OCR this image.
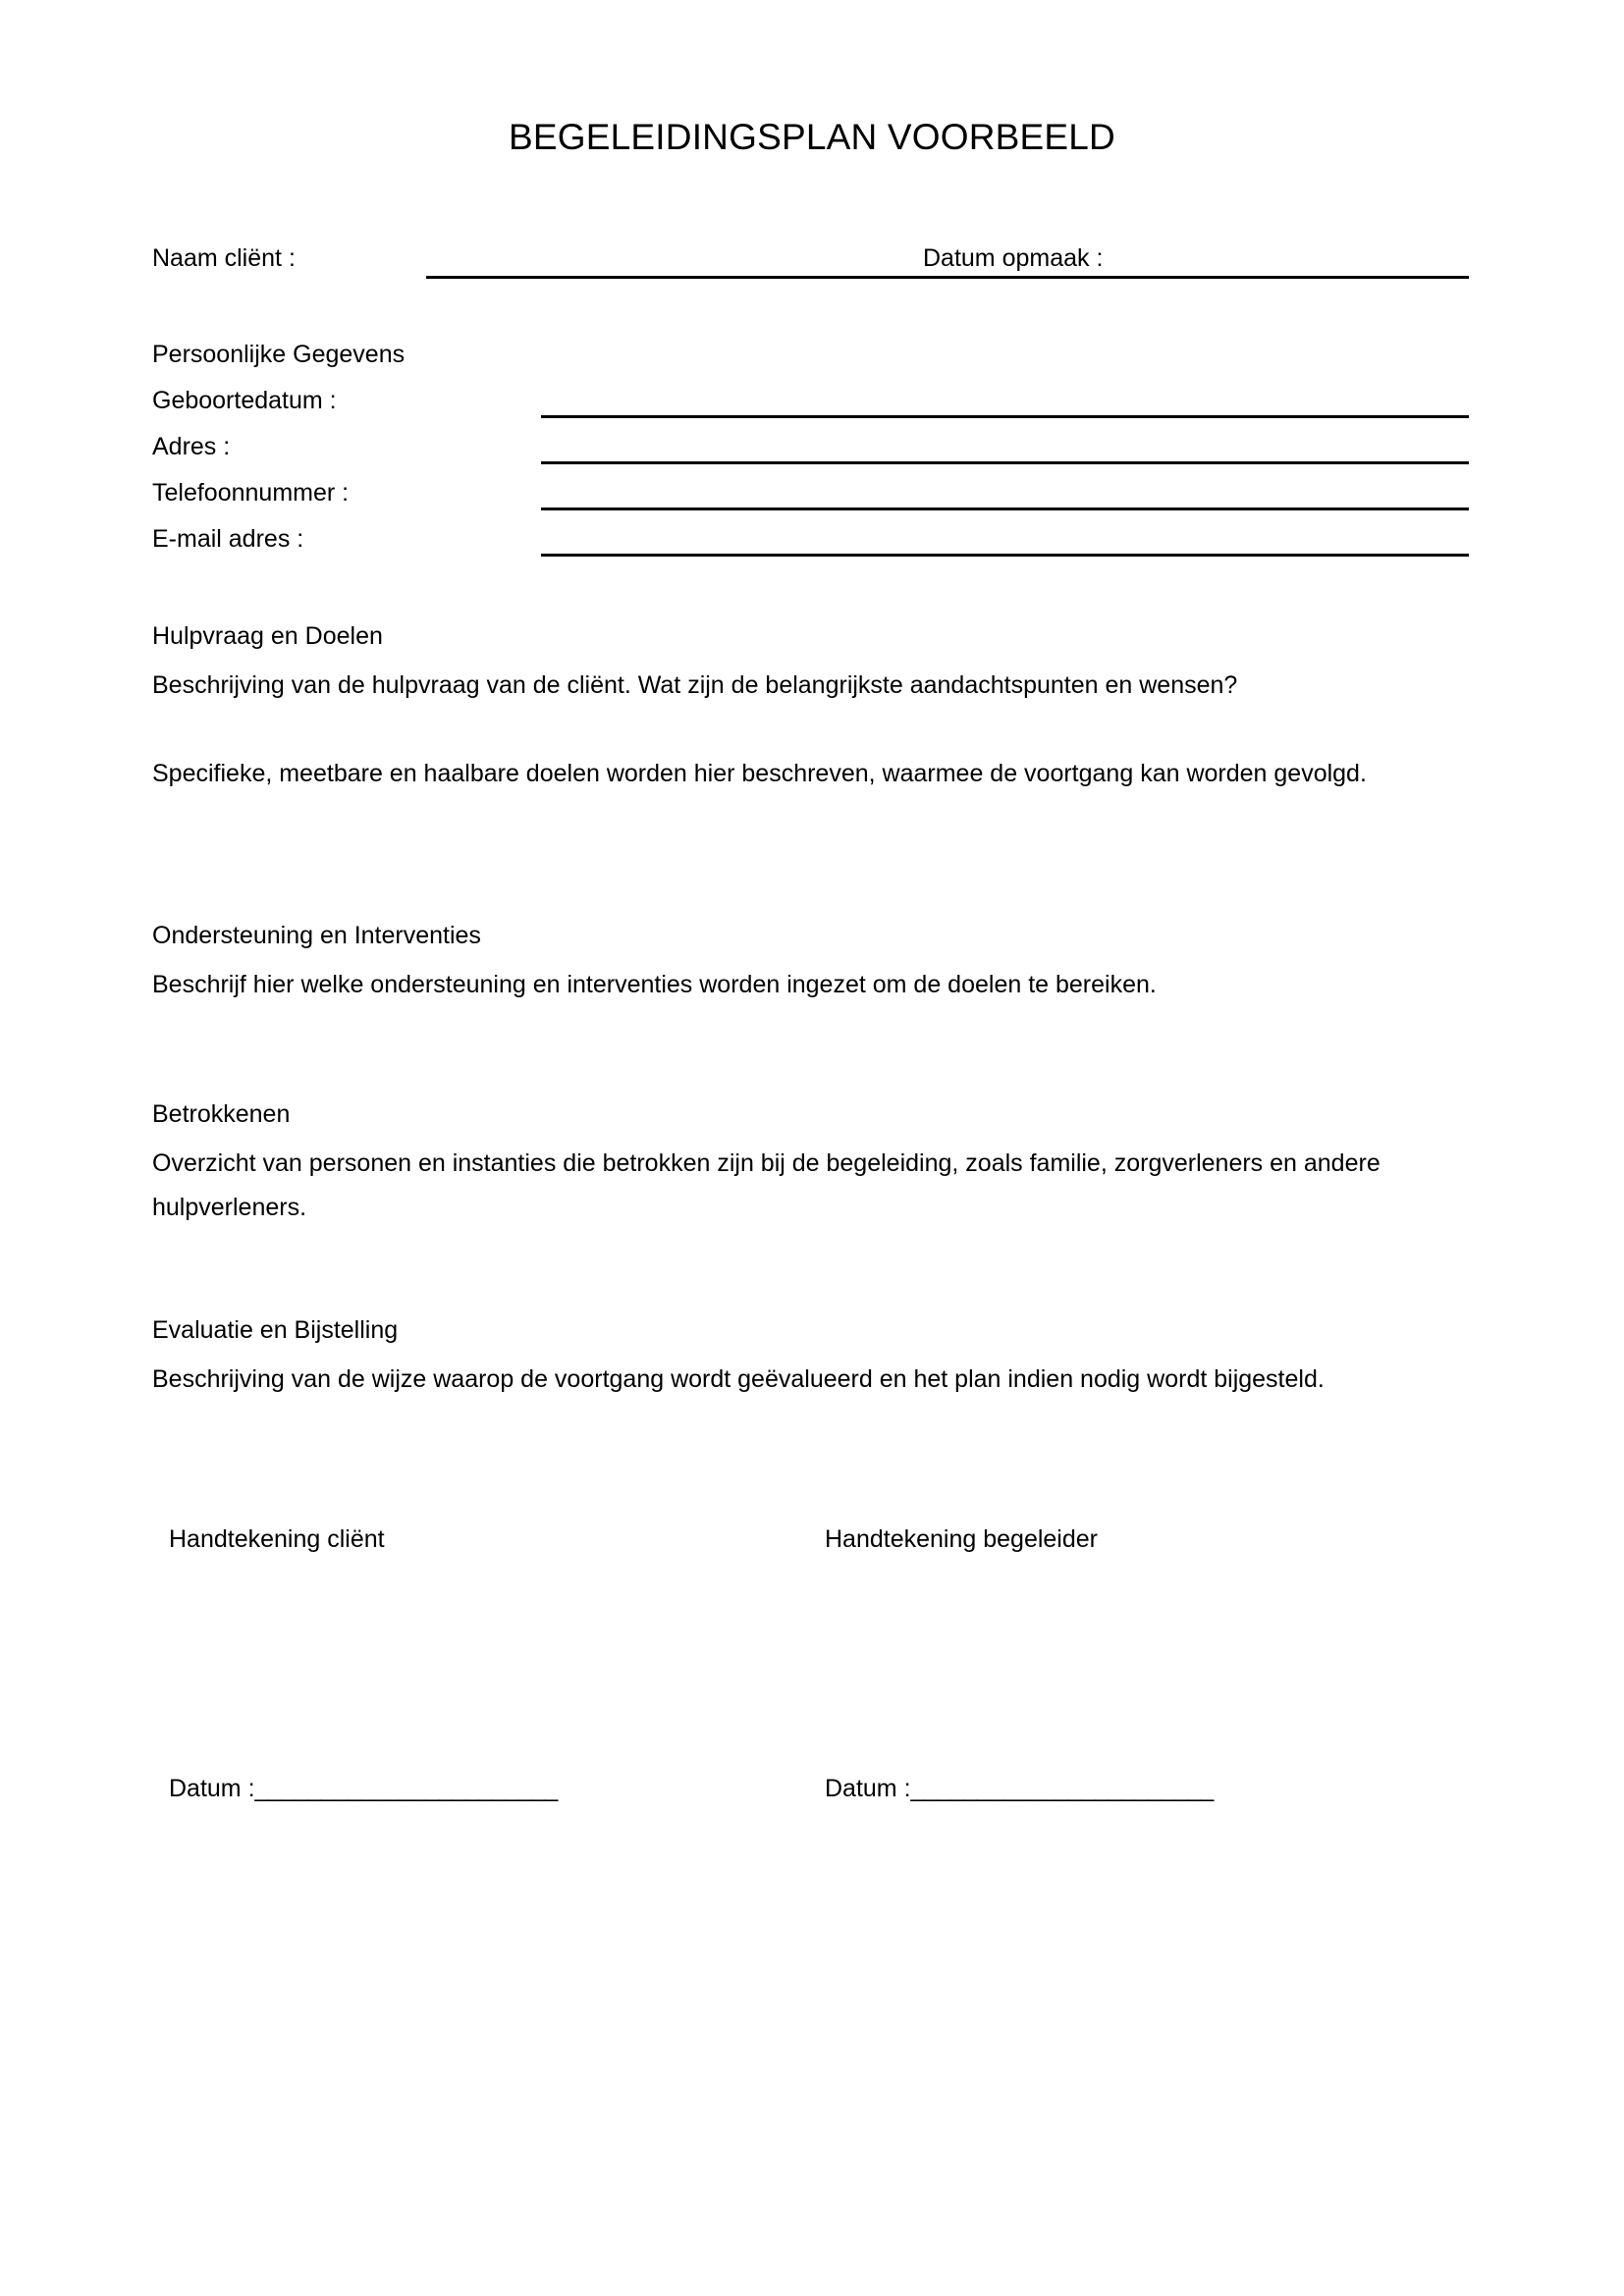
BEGELEIDINGSPLAN VOORBEELD
Naam cliënt :	Datum opmaak :
Persoonlijke Gegevens
Geboortedatum :
Adres :
Telefoonnummer :
E-mail adres :
Hulpvraag en Doelen
Beschrijving van de hulpvraag van de cliënt. Wat zijn de belangrijkste aandachtspunten en wensen?
Specifieke, meetbare en haalbare doelen worden hier beschreven, waarmee de voortgang kan worden gevolgd.
Ondersteuning en Interventies
Beschrijf hier welke ondersteuning en interventies worden ingezet om de doelen te bereiken.
Betrokkenen
Overzicht van personen en instanties die betrokken zijn bij de begeleiding, zoals familie, zorgverleners en andere hulpverleners.
Evaluatie en Bijstelling
Beschrijving van de wijze waarop de voortgang wordt geëvalueerd en het plan indien nodig wordt bijgesteld.
Handtekening cliënt	Handtekening begeleider
Datum :_______________________	Datum :_______________________
